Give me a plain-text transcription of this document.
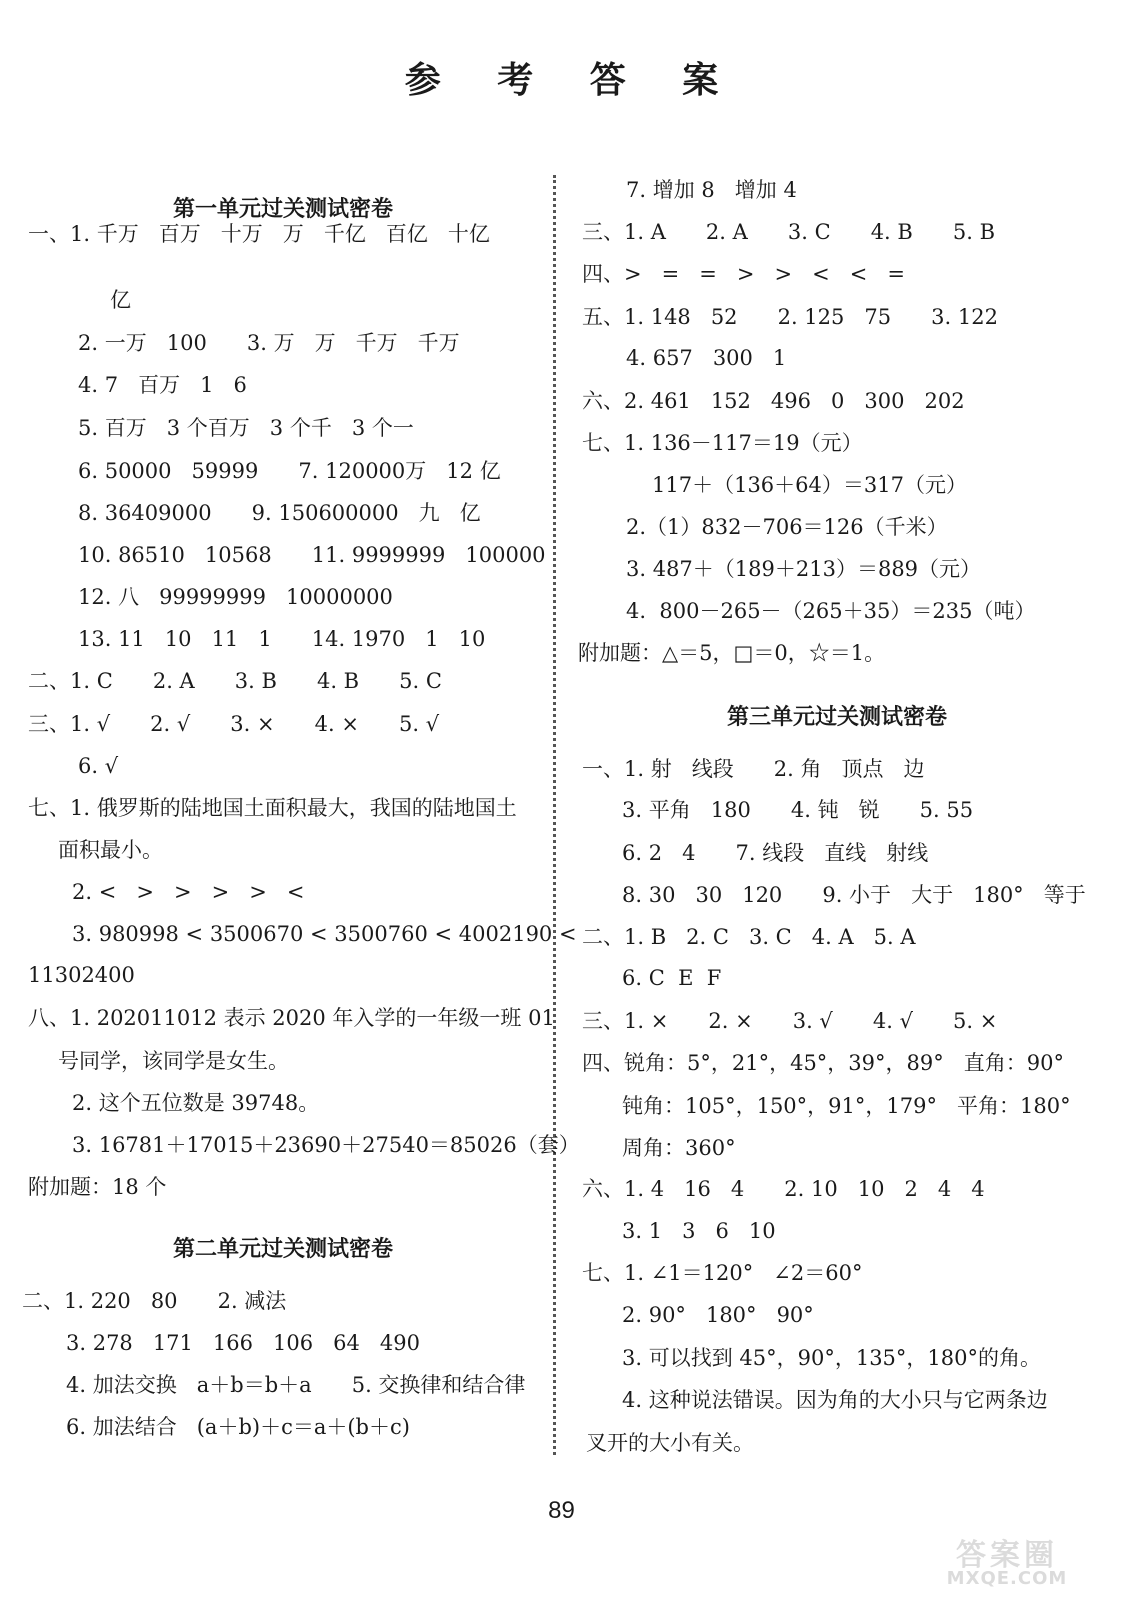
参 考 答 案
第一单元过关测试密卷
一、1. 千万   百万   十万   万   千亿   百亿   十亿
亿
2. 一万   100      3. 万   万   千万   千万
4. 7   百万   1   6
5. 百万   3 个百万   3 个千   3 个一
6. 50000   59999      7. 120000万   12 亿
8. 36409000      9. 150600000   九   亿
10. 86510   10568      11. 9999999   100000
12. 八   99999999   10000000
13. 11   10   11   1      14. 1970   1   10
二、1. C      2. A      3. B      4. B      5. C
三、1. √      2. √      3. ×      4. ×      5. √
6. √
七、1. 俄罗斯的陆地国土面积最大，我国的陆地国土
面积最小。
2. <   >   >   >   >   <
3. 980998 < 3500670 < 3500760 < 4002190 <
11302400
八、1. 202011012 表示 2020 年入学的一年级一班 01
号同学，该同学是女生。
2. 这个五位数是 39748。
3. 16781＋17015＋23690＋27540＝85026（套）
附加题：18 个
第二单元过关测试密卷
二、1. 220   80      2. 减法
3. 278   171   166   106   64   490
4. 加法交换   a＋b＝b＋a      5. 交换律和结合律
6. 加法结合   (a＋b)＋c＝a＋(b＋c)
7. 增加 8   增加 4
三、1. A      2. A      3. C      4. B      5. B
四、>   =   =   >   >   <   <   =
五、1. 148   52      2. 125   75      3. 122
4. 657   300   1
六、2. 461   152   496   0   300   202
七、1. 136－117＝19（元）
117＋（136＋64）＝317（元）
2.（1）832－706＝126（千米）
3. 487＋（189＋213）＝889（元）
4.  800－265－（265＋35）＝235（吨）
附加题：△＝5，□＝0，☆＝1。
第三单元过关测试密卷
一、1. 射   线段      2. 角   顶点   边
3. 平角   180      4. 钝   锐      5. 55
6. 2   4      7. 线段   直线   射线
8. 30   30   120      9. 小于   大于   180°   等于
二、1. B   2. C   3. C   4. A   5. A
6. C  E  F
三、1. ×      2. ×      3. √      4. √      5. ×
四、锐角：5°，21°，45°，39°，89°   直角：90°
钝角：105°，150°，91°，179°   平角：180°
周角：360°
六、1. 4   16   4      2. 10   10   2   4   4
3. 1   3   6   10
七、1. ∠1＝120°   ∠2＝60°
2. 90°   180°   90°
3. 可以找到 45°，90°，135°，180°的角。
4. 这种说法错误。因为角的大小只与它两条边
叉开的大小有关。
89
答案圈
MXQE.COM
